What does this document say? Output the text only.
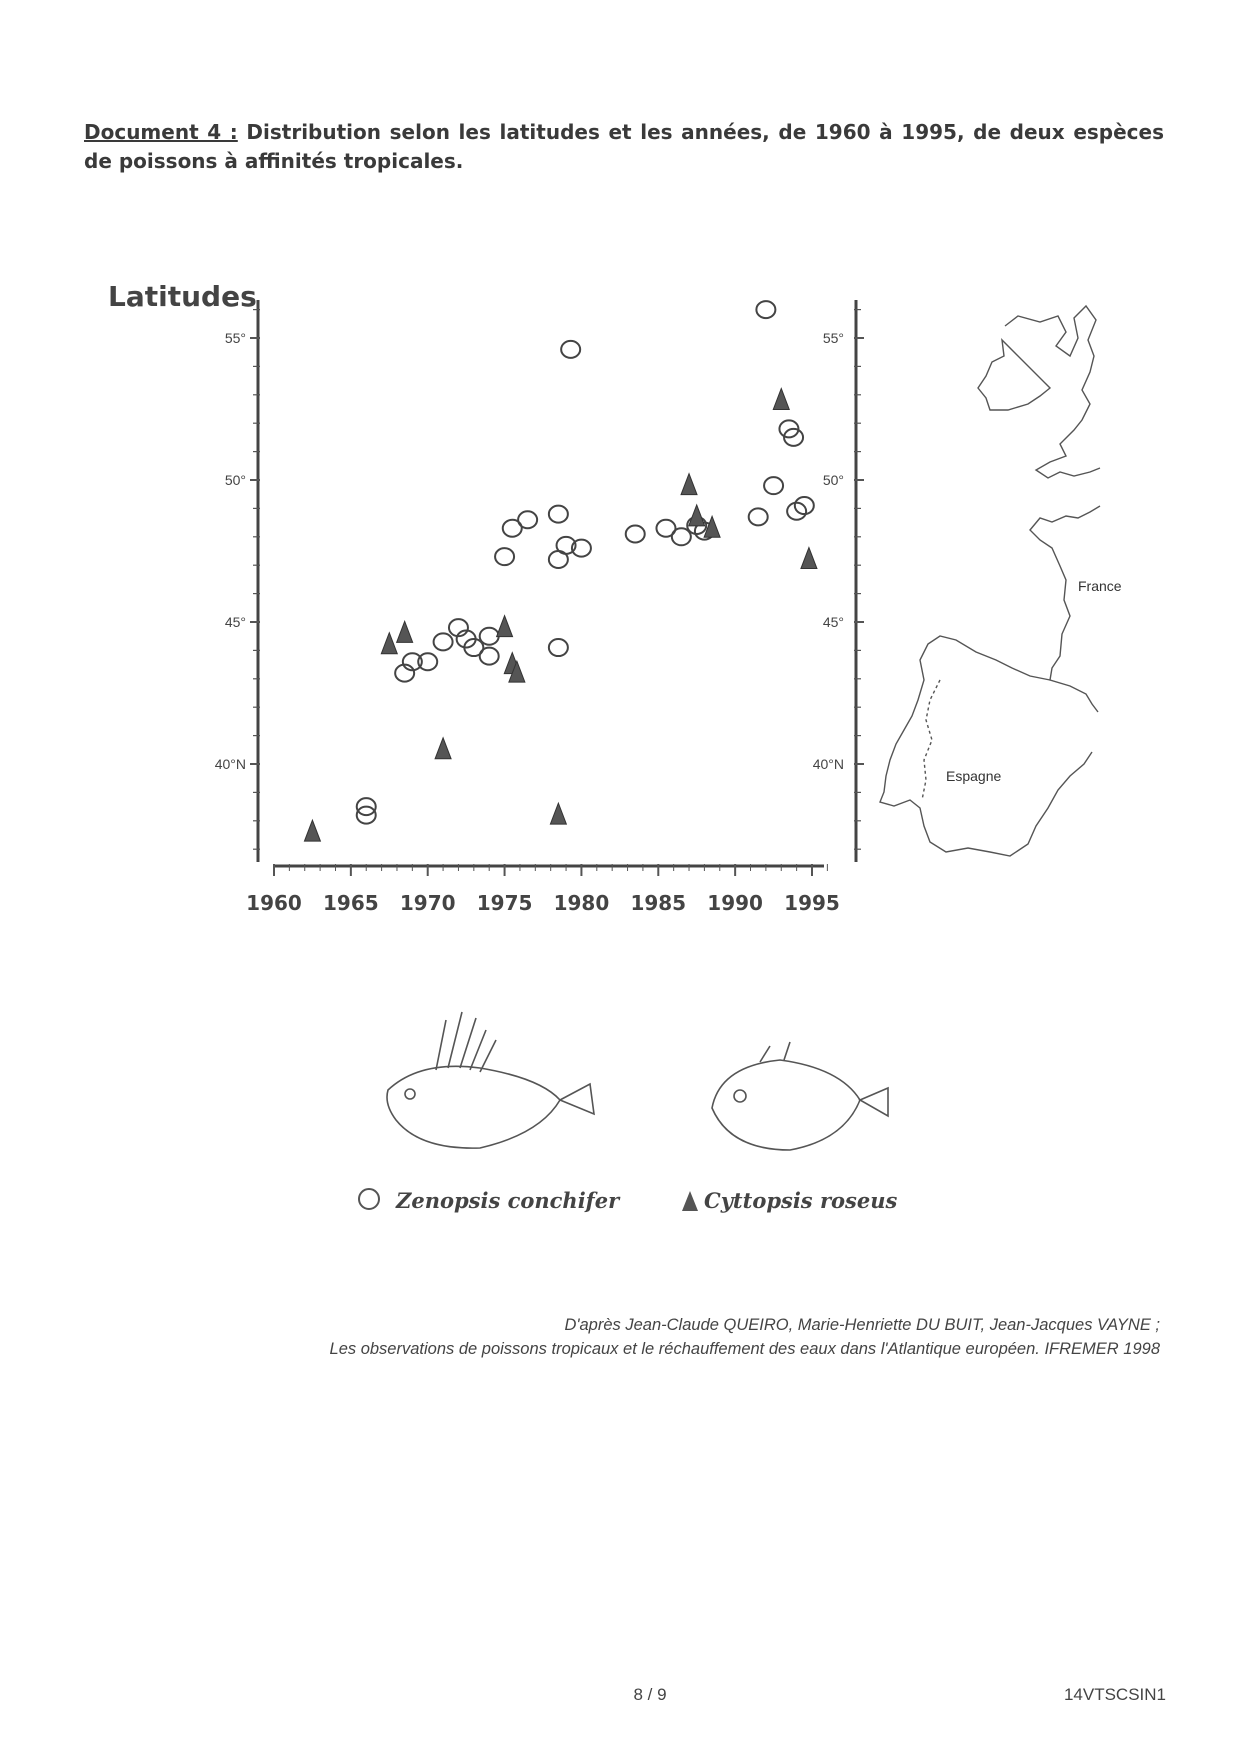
Document 4 : Distribution selon les latitudes et les années, de 1960 à 1995, de deux espèces de poissons à affinités tropicales.
Latitudes
40°N	40°N
45°	45°
50°	50°
55°	55°
1960 1965 1970 1975 1980 1985 1990 1995
France
Espagne
Zenopsis conchifer	Cyttopsis roseus
D'après Jean-Claude QUEIRO, Marie-Henriette DU BUIT, Jean-Jacques VAYNE ;
Les observations de poissons tropicaux et le réchauffement des eaux dans l'Atlantique européen. IFREMER 1998
8 / 9	14VTSCSIN1
